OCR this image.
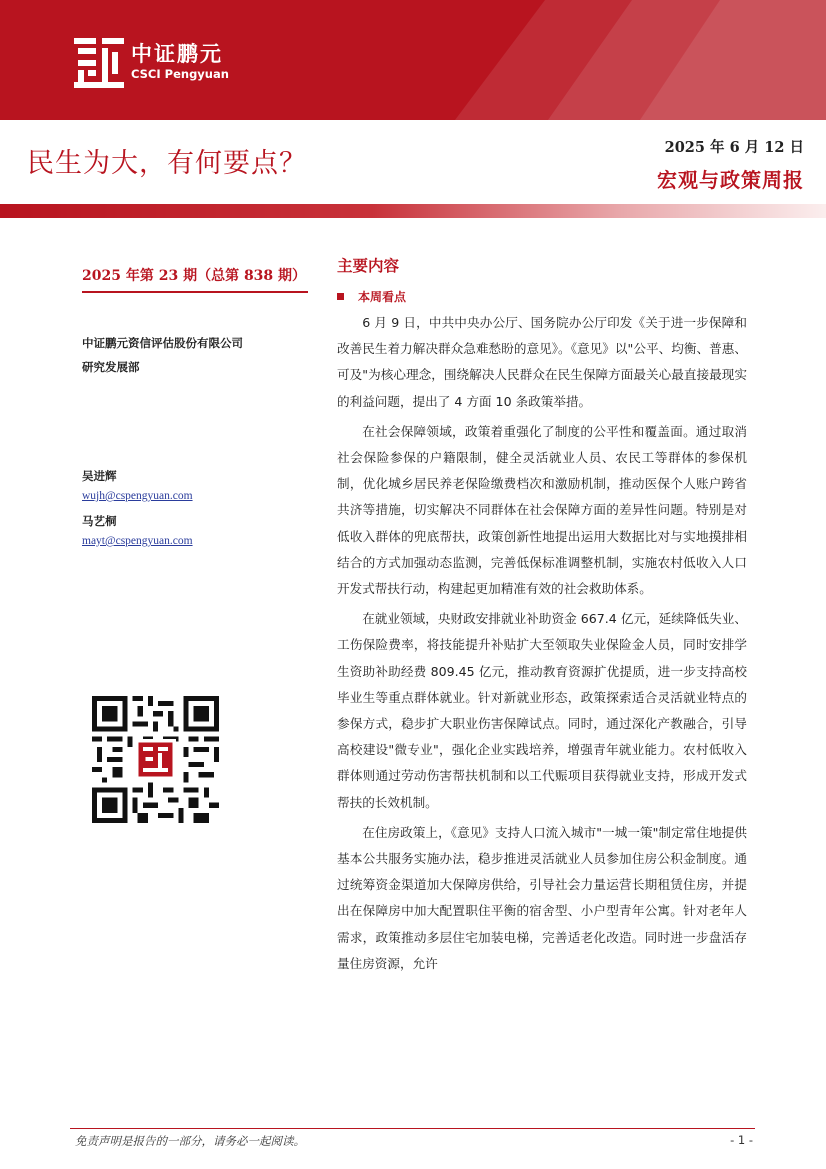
中证鹏元
CSCI Pengyuan
民生为大，有何要点？
2025 年 6 月 12 日
宏观与政策周报
2025 年第 23 期（总第 838 期）
中证鹏元资信评估股份有限公司
研究发展部
吴进辉
wujh@cspengyuan.com
马艺桐
mayt@cspengyuan.com
主要内容
本周看点

6 月 9 日，中共中央办公厅、国务院办公厅印发《关于进一步保障和改善民生着力解决群众急难愁盼的意见》。《意见》以"公平、均衡、普惠、可及"为核心理念，围绕解决人民群众在民生保障方面最关心最直接最现实的利益问题，提出了 4 方面 10 条政策举措。

在社会保障领域，政策着重强化了制度的公平性和覆盖面。通过取消社会保险参保的户籍限制，健全灵活就业人员、农民工等群体的参保机制，优化城乡居民养老保险缴费档次和激励机制，推动医保个人账户跨省共济等措施，切实解决不同群体在社会保障方面的差异性问题。特别是对低收入群体的兜底帮扶，政策创新性地提出运用大数据比对与实地摸排相结合的方式加强动态监测，完善低保标准调整机制，实施农村低收入人口开发式帮扶行动，构建起更加精准有效的社会救助体系。

在就业领域，央财政安排就业补助资金 667.4 亿元，延续降低失业、工伤保险费率，将技能提升补贴扩大至领取失业保险金人员，同时安排学生资助补助经费 809.45 亿元，推动教育资源扩优提质，进一步支持高校毕业生等重点群体就业。针对新就业形态，政策探索适合灵活就业特点的参保方式，稳步扩大职业伤害保障试点。同时，通过深化产教融合，引导高校建设"微专业"，强化企业实践培养，增强青年就业能力。农村低收入群体则通过劳动伤害帮扶机制和以工代赈项目获得就业支持，形成开发式帮扶的长效机制。

在住房政策上，《意见》支持人口流入城市"一城一策"制定常住地提供基本公共服务实施办法，稳步推进灵活就业人员参加住房公积金制度。通过统筹资金渠道加大保障房供给，引导社会力量运营长期租赁住房，并提出在保障房中加大配置职住平衡的宿舍型、小户型青年公寓。针对老年人需求，政策推动多层住宅加装电梯，完善适老化改造。同时进一步盘活存量住房资源，允许

免责声明是报告的一部分，请务必一起阅读。	- 1 -
